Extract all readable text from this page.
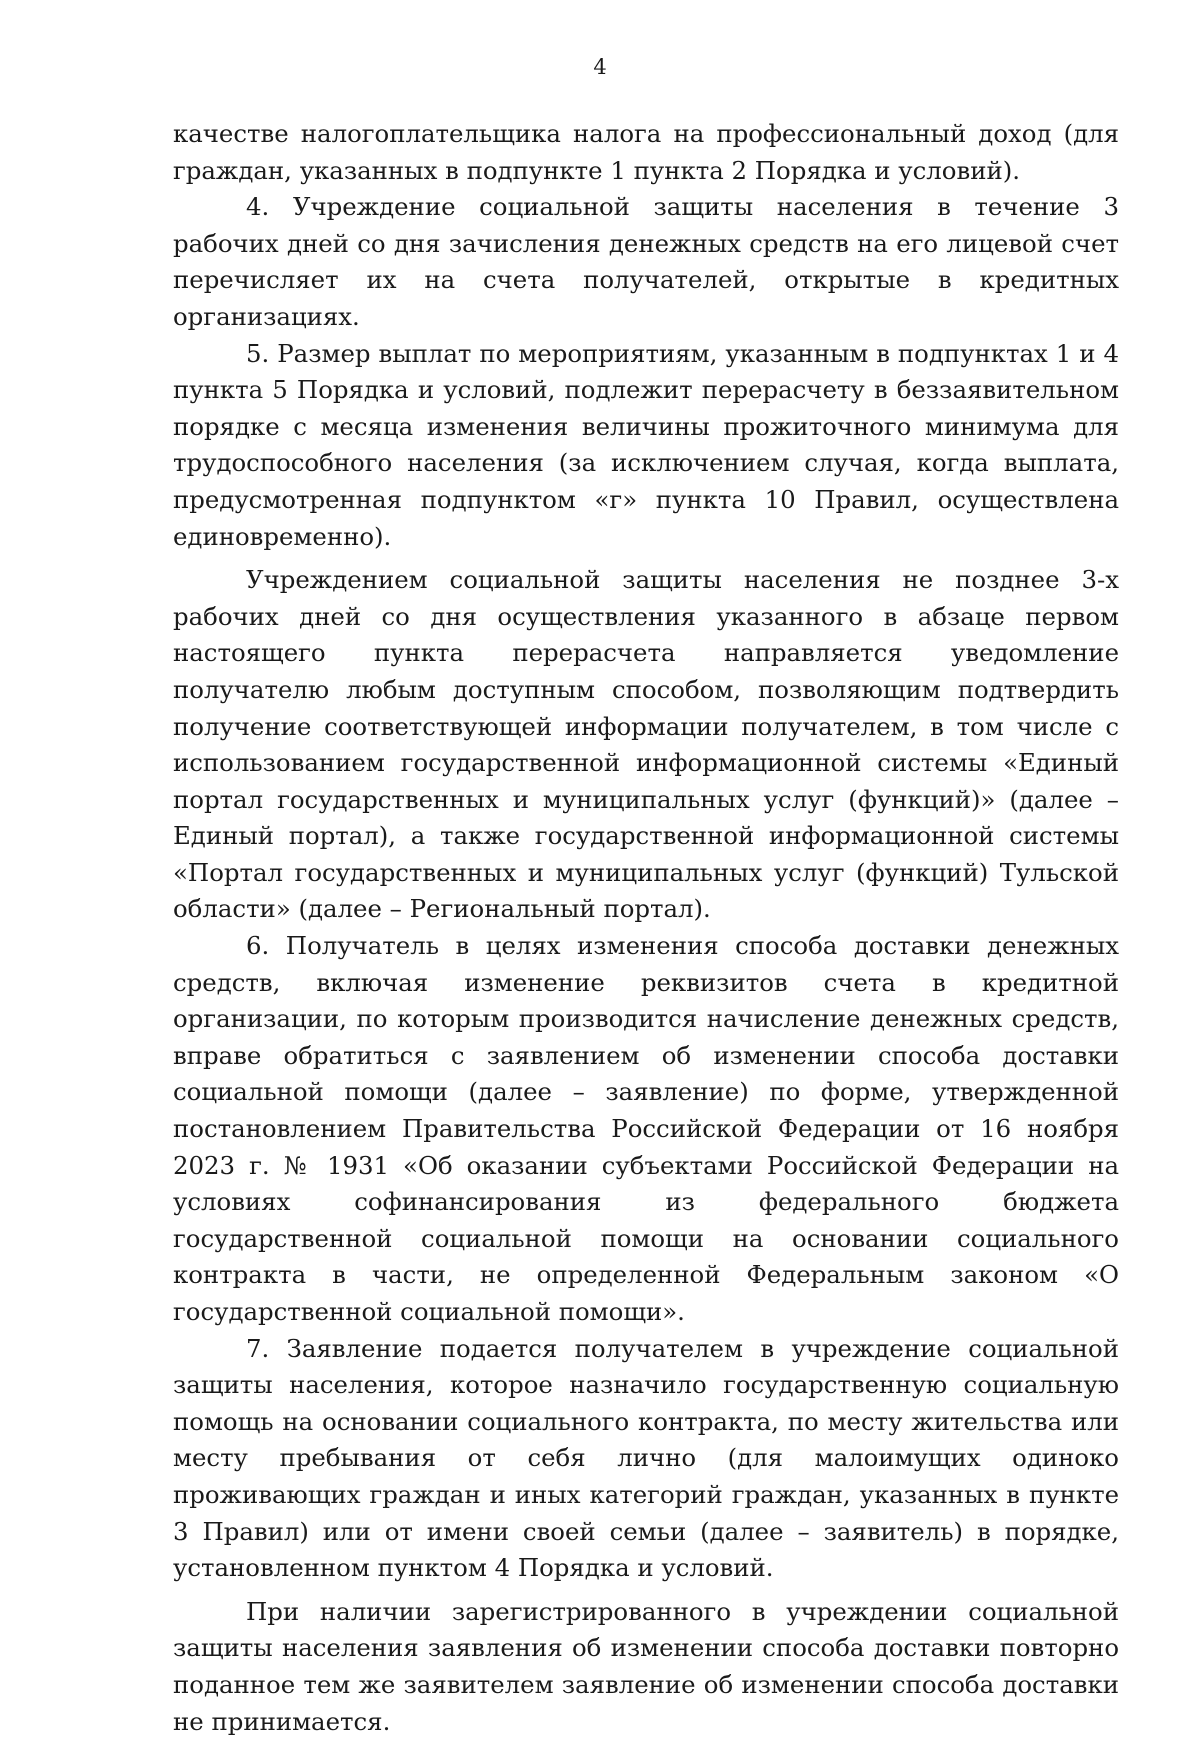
4

качестве налогоплательщика налога на профессиональный доход (для граждан, указанных в подпункте 1 пункта 2 Порядка и условий).

4. Учреждение социальной защиты населения в течение 3 рабочих дней со дня зачисления денежных средств на его лицевой счет перечисляет их на счета получателей, открытые в кредитных организациях.

5. Размер выплат по мероприятиям, указанным в подпунктах 1 и 4 пункта 5 Порядка и условий, подлежит перерасчету в беззаявительном порядке с месяца изменения величины прожиточного минимума для трудоспособного населения (за исключением случая, когда выплата, предусмотренная подпунктом «г» пункта 10 Правил, осуществлена единовременно).

Учреждением социальной защиты населения не позднее 3-х рабочих дней со дня осуществления указанного в абзаце первом настоящего пункта перерасчета направляется уведомление получателю любым доступным способом, позволяющим подтвердить получение соответствующей информации получателем, в том числе с использованием государственной информационной системы «Единый портал государственных и муниципальных услуг (функций)» (далее – Единый портал), а также государственной информационной системы «Портал государственных и муниципальных услуг (функций) Тульской области» (далее – Региональный портал).

6. Получатель в целях изменения способа доставки денежных средств, включая изменение реквизитов счета в кредитной организации, по которым производится начисление денежных средств, вправе обратиться с заявлением об изменении способа доставки социальной помощи (далее – заявление) по форме, утвержденной постановлением Правительства Российской Федерации от 16 ноября 2023 г. № 1931 «Об оказании субъектами Российской Федерации на условиях софинансирования из федерального бюджета государственной социальной помощи на основании социального контракта в части, не определенной Федеральным законом «О государственной социальной помощи».

7. Заявление подается получателем в учреждение социальной защиты населения, которое назначило государственную социальную помощь на основании социального контракта, по месту жительства или месту пребывания от себя лично (для малоимущих одиноко проживающих граждан и иных категорий граждан, указанных в пункте 3 Правил) или от имени своей семьи (далее – заявитель) в порядке, установленном пунктом 4 Порядка и условий.

При наличии зарегистрированного в учреждении социальной защиты населения заявления об изменении способа доставки повторно поданное тем же заявителем заявление об изменении способа доставки не принимается.
